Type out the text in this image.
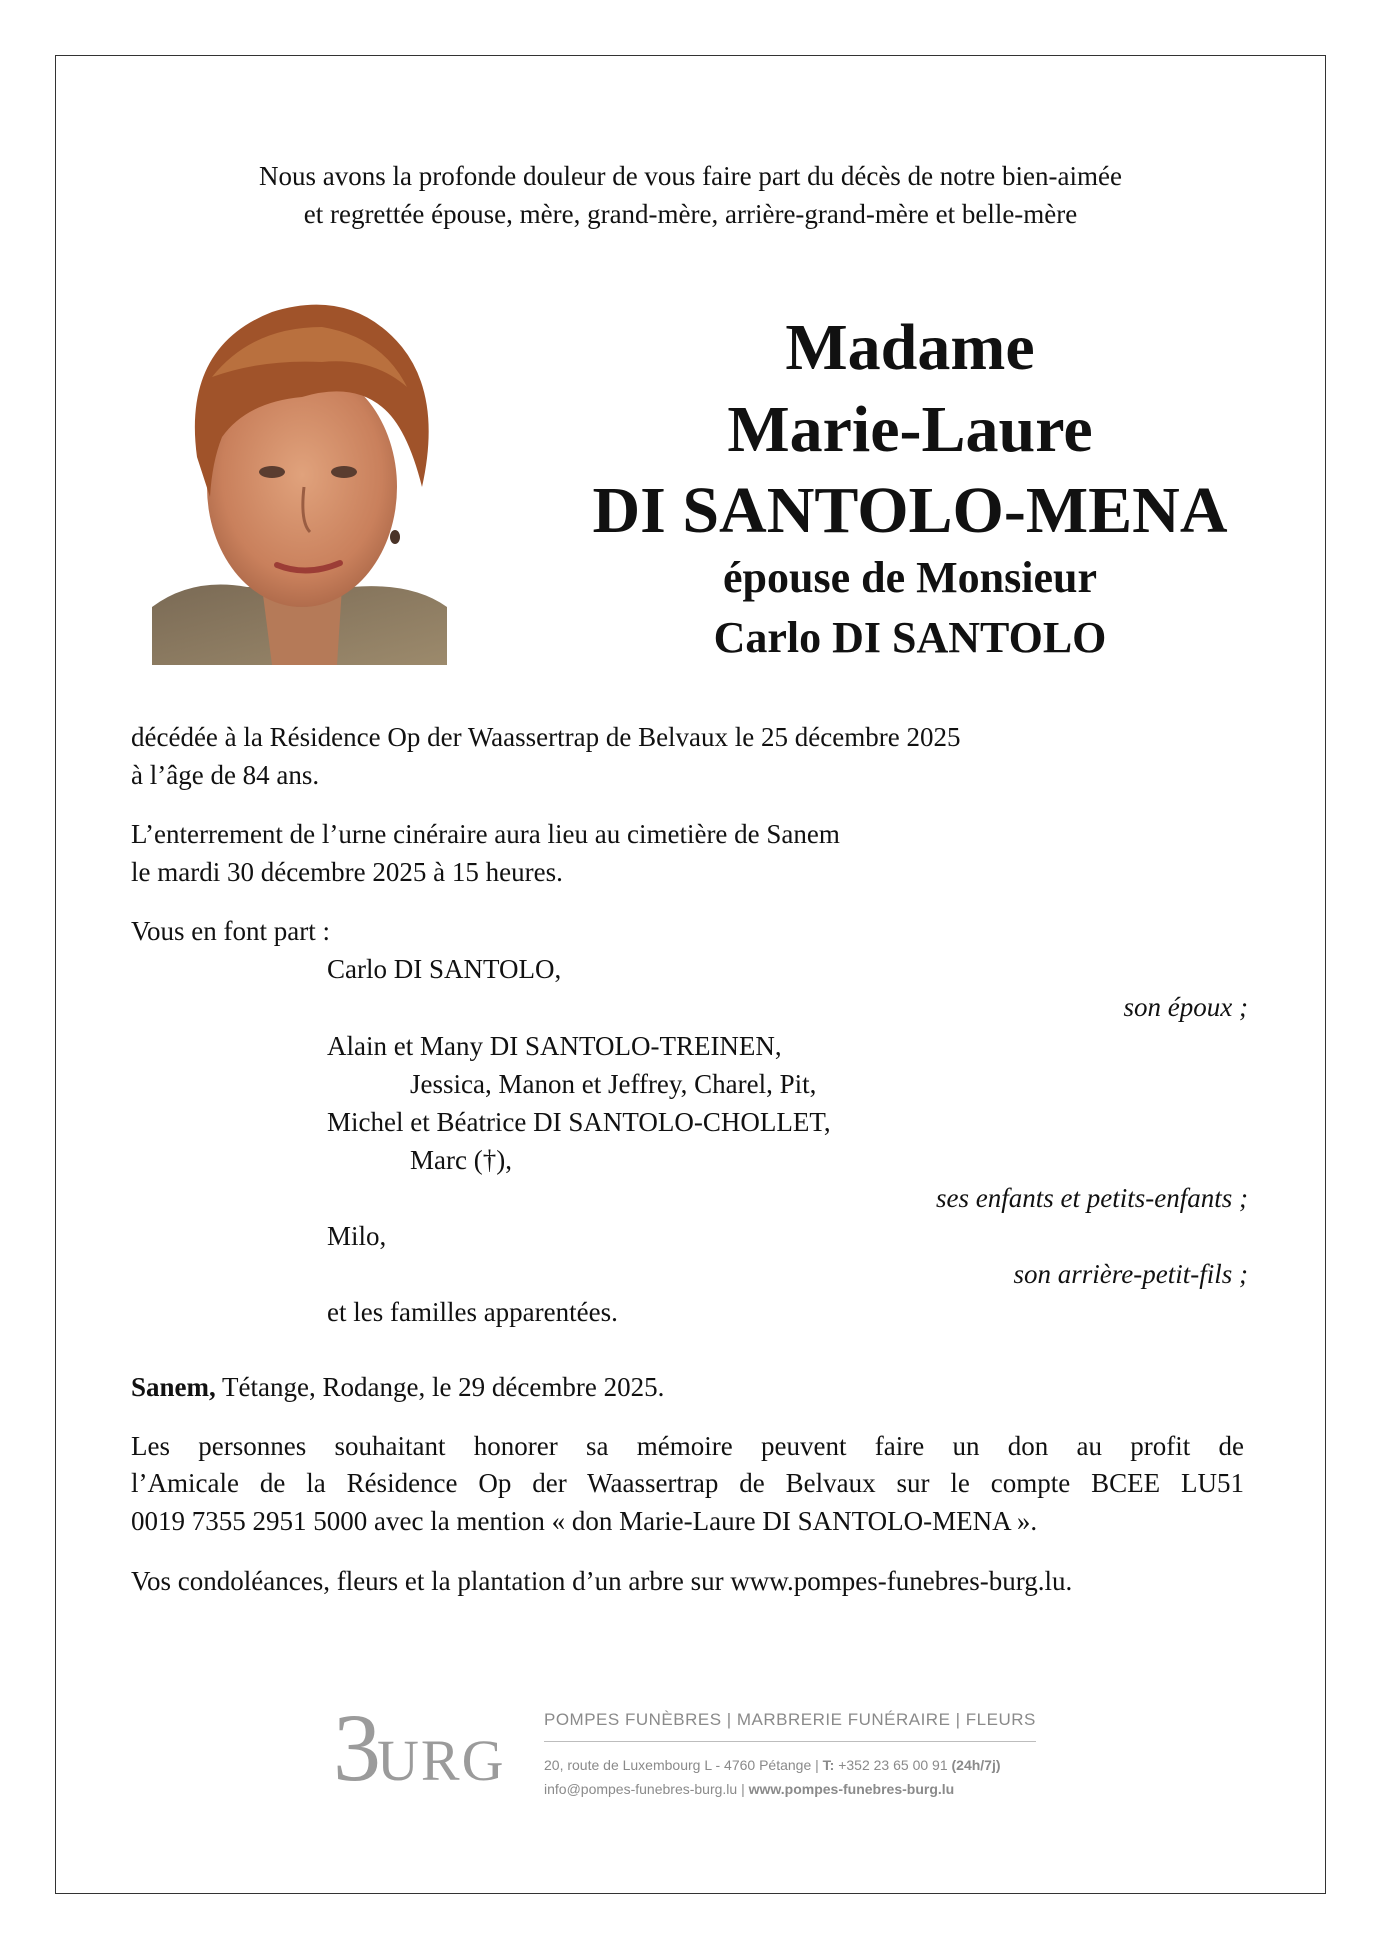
Nous avons la profonde douleur de vous faire part du décès de notre bien-aimée
et regrettée épouse, mère, grand-mère, arrière-grand-mère et belle-mère
Madame
Marie-Laure
DI SANTOLO-MENA
épouse de Monsieur
Carlo DI SANTOLO
décédée à la Résidence Op der Waassertrap de Belvaux le 25 décembre 2025
à l’âge de 84 ans.
L’enterrement de l’urne cinéraire aura lieu au cimetière de Sanem
le mardi 30 décembre 2025 à 15 heures.
Vous en font part :
Carlo DI SANTOLO,
son époux ;
Alain et Many DI SANTOLO-TREINEN,
Jessica, Manon et Jeffrey, Charel, Pit,
Michel et Béatrice DI SANTOLO-CHOLLET,
Marc (†),
ses enfants et petits-enfants ;
Milo,
son arrière-petit-fils ;
et les familles apparentées.
Sanem, Tétange, Rodange, le 29 décembre 2025.
Les personnes souhaitant honorer sa mémoire peuvent faire un don au profit de
l’Amicale de la Résidence Op der Waassertrap de Belvaux sur le compte BCEE LU51
0019 7355 2951 5000 avec la mention « don Marie-Laure DI SANTOLO-MENA ».
Vos condoléances, fleurs et la plantation d’un arbre sur www.pompes-funebres-burg.lu.
3
URG
POMPES FUNÈBRES | MARBRERIE FUNÉRAIRE | FLEURS
20, route de Luxembourg L - 4760 Pétange | T: +352 23 65 00 91 (24h/7j)
info@pompes-funebres-burg.lu | www.pompes-funebres-burg.lu
